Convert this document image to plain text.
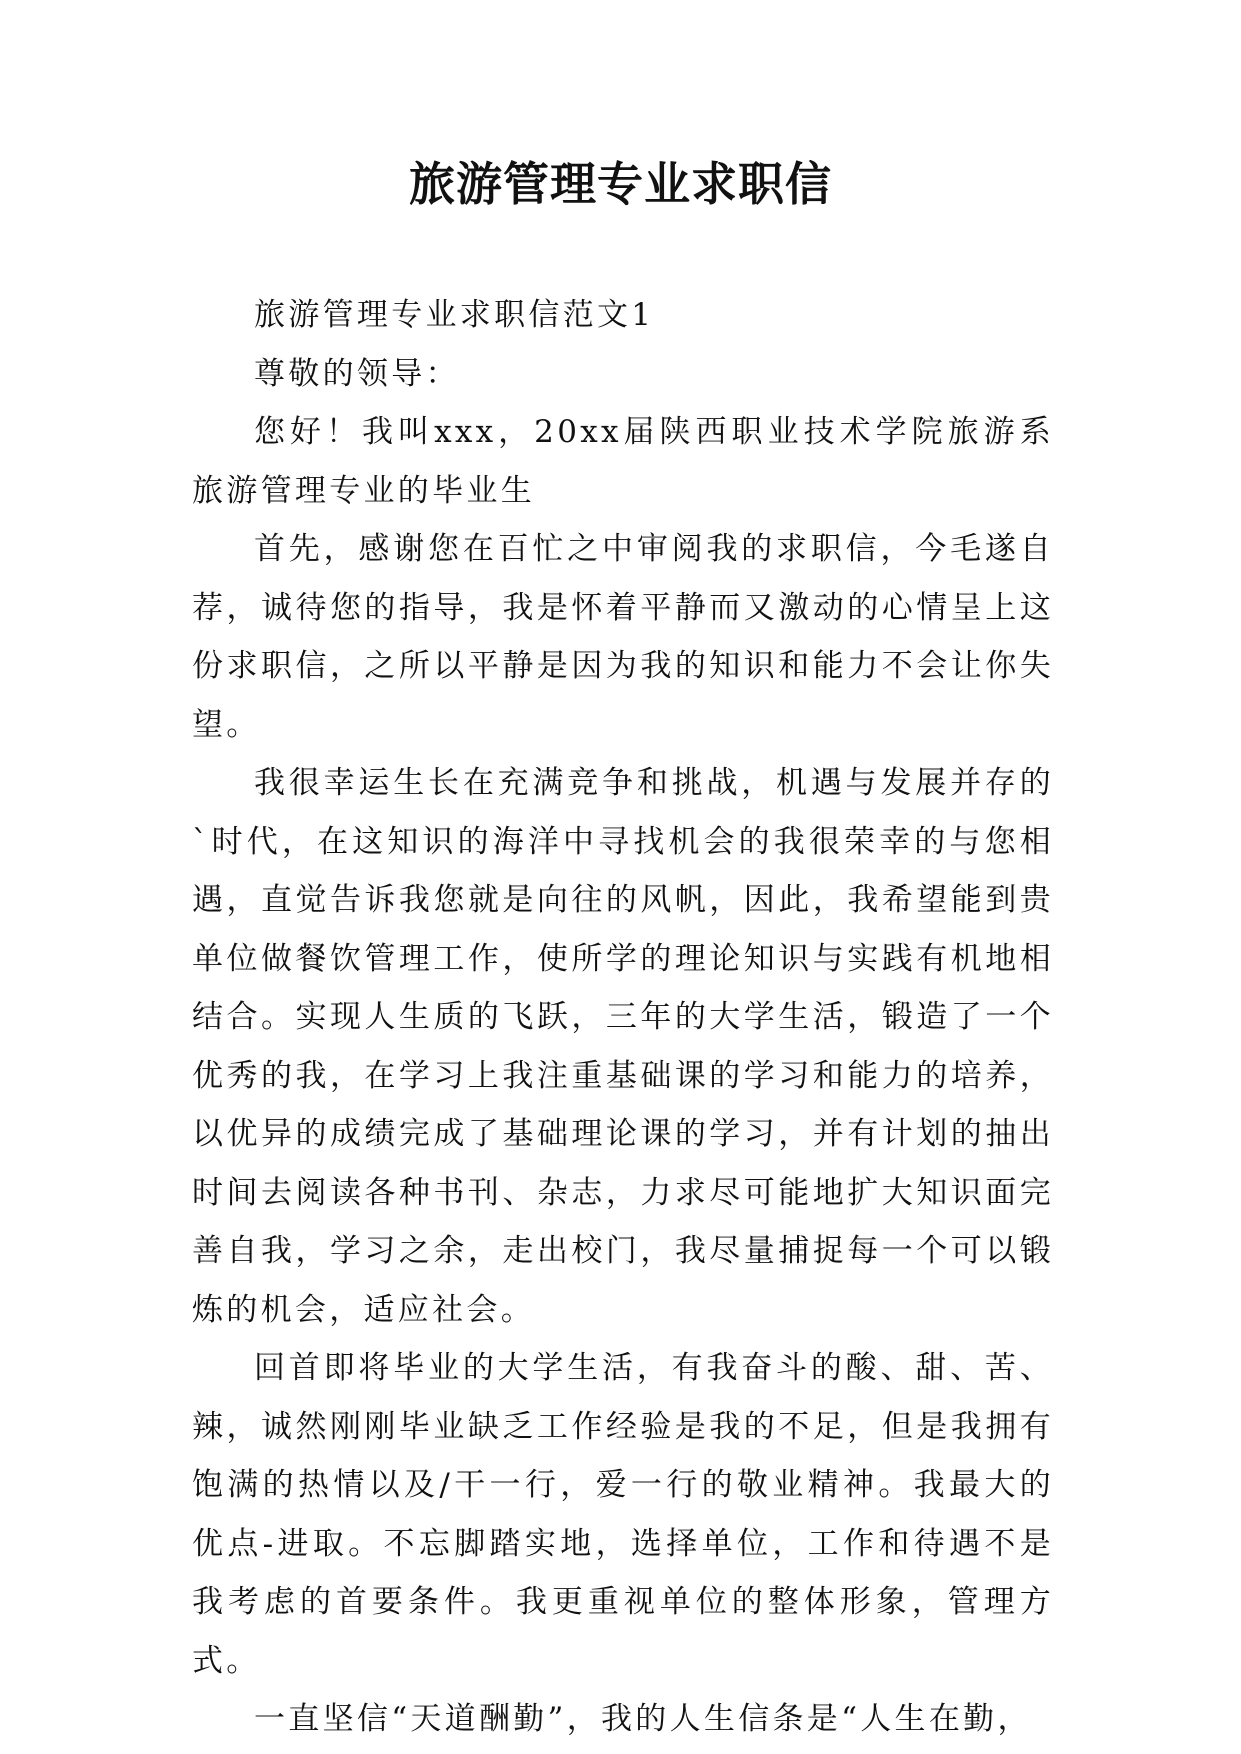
旅游管理专业求职信

旅游管理专业求职信范文1

尊敬的领导：

您好！我叫xxx，20xx届陕西职业技术学院旅游系旅游管理专业的毕业生

首先，感谢您在百忙之中审阅我的求职信，今毛遂自荐，诚待您的指导，我是怀着平静而又激动的心情呈上这份求职信，之所以平静是因为我的知识和能力不会让你失望。

我很幸运生长在充满竞争和挑战，机遇与发展并存的`时代，在这知识的海洋中寻找机会的我很荣幸的与您相遇，直觉告诉我您就是向往的风帆，因此，我希望能到贵单位做餐饮管理工作，使所学的理论知识与实践有机地相结合。实现人生质的飞跃，三年的大学生活，锻造了一个优秀的我，在学习上我注重基础课的学习和能力的培养，以优异的成绩完成了基础理论课的学习，并有计划的抽出时间去阅读各种书刊、杂志，力求尽可能地扩大知识面完善自我，学习之余，走出校门，我尽量捕捉每一个可以锻炼的机会，适应社会。

回首即将毕业的大学生活，有我奋斗的酸、甜、苦、辣，诚然刚刚毕业缺乏工作经验是我的不足，但是我拥有饱满的热情以及/干一行，爱一行的敬业精神。我最大的优点-进取。不忘脚踏实地，选择单位，工作和待遇不是我考虑的首要条件。我更重视单位的整体形象，管理方式。

一直坚信“天道酬勤”，我的人生信条是“人生在勤，
